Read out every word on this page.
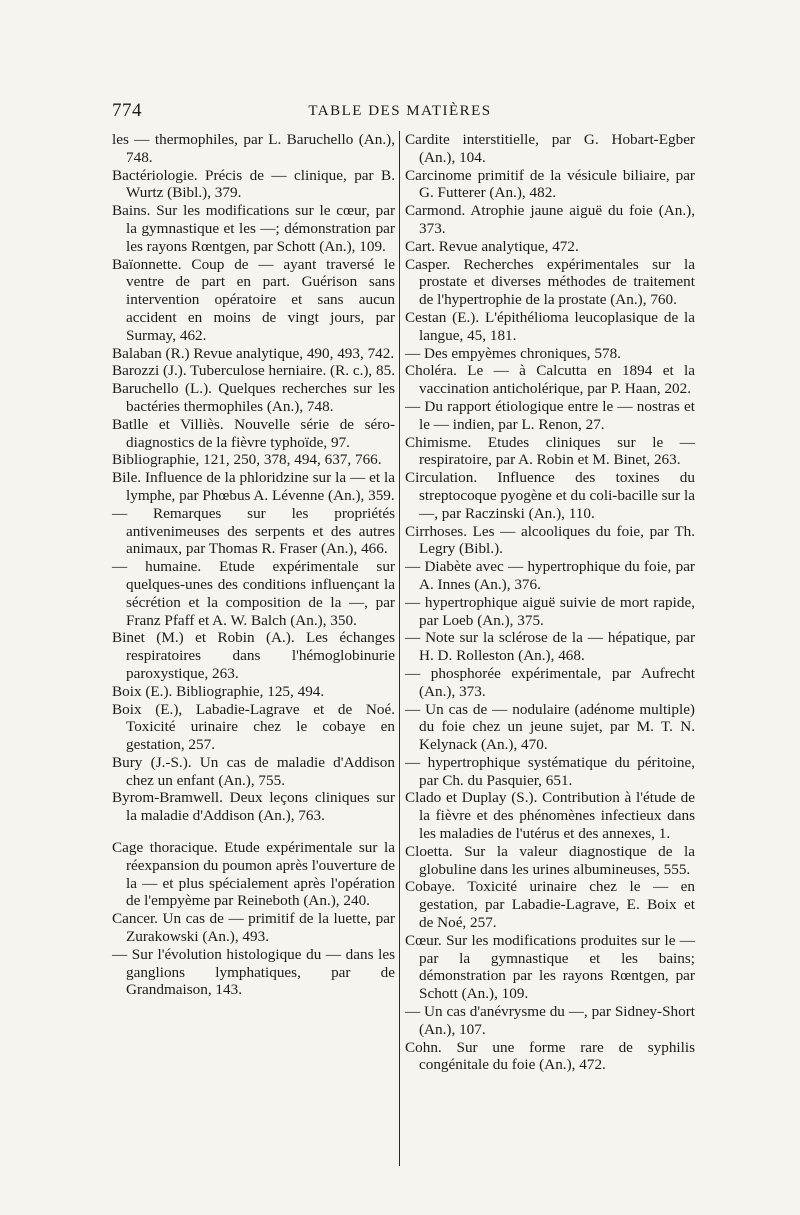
774	TABLE DES MATIÈRES

les — thermophiles, par L. Baruchello (An.), 748.

Bactériologie. Précis de — clinique, par B. Wurtz (Bibl.), 379.

Bains. Sur les modifications sur le cœur, par la gymnastique et les —; démonstration par les rayons Rœntgen, par Schott (An.), 109.

Baïonnette. Coup de — ayant traversé le ventre de part en part. Guérison sans intervention opératoire et sans aucun accident en moins de vingt jours, par Surmay, 462.

Balaban (R.) Revue analytique, 490, 493, 742.

Barozzi (J.). Tuberculose herniaire. (R. c.), 85.

Baruchello (L.). Quelques recherches sur les bactéries thermophiles (An.), 748.

Batlle et Villiès. Nouvelle série de séro-diagnostics de la fièvre typhoïde, 97.

Bibliographie, 121, 250, 378, 494, 637, 766.

Bile. Influence de la phloridzine sur la — et la lymphe, par Phœbus A. Lévenne (An.), 359.

— Remarques sur les propriétés antivenimeuses des serpents et des autres animaux, par Thomas R. Fraser (An.), 466.

— humaine. Etude expérimentale sur quelques-unes des conditions influençant la sécrétion et la composition de la —, par Franz Pfaff et A. W. Balch (An.), 350.

Binet (M.) et Robin (A.). Les échanges respiratoires dans l'hémoglobinurie paroxystique, 263.

Boix (E.). Bibliographie, 125, 494.

Boix (E.), Labadie-Lagrave et de Noé. Toxicité urinaire chez le cobaye en gestation, 257.

Bury (J.-S.). Un cas de maladie d'Addison chez un enfant (An.), 755.

Byrom-Bramwell. Deux leçons cliniques sur la maladie d'Addison (An.), 763.

Cage thoracique. Etude expérimentale sur la réexpansion du poumon après l'ouverture de la — et plus spécialement après l'opération de l'empyème par Reineboth (An.), 240.

Cancer. Un cas de — primitif de la luette, par Zurakowski (An.), 493.

— Sur l'évolution histologique du — dans les ganglions lymphatiques, par de Grandmaison, 143.

Cardite interstitielle, par G. Hobart-Egber (An.), 104.

Carcinome primitif de la vésicule biliaire, par G. Futterer (An.), 482.

Carmond. Atrophie jaune aiguë du foie (An.), 373.

Cart. Revue analytique, 472.

Casper. Recherches expérimentales sur la prostate et diverses méthodes de traitement de l'hypertrophie de la prostate (An.), 760.

Cestan (E.). L'épithélioma leucoplasique de la langue, 45, 181.

— Des empyèmes chroniques, 578.

Choléra. Le — à Calcutta en 1894 et la vaccination anticholérique, par P. Haan, 202.

— Du rapport étiologique entre le — nostras et le — indien, par L. Renon, 27.

Chimisme. Etudes cliniques sur le — respiratoire, par A. Robin et M. Binet, 263.

Circulation. Influence des toxines du streptocoque pyogène et du coli-bacille sur la —, par Raczinski (An.), 110.

Cirrhoses. Les — alcooliques du foie, par Th. Legry (Bibl.).

— Diabète avec — hypertrophique du foie, par A. Innes (An.), 376.

— hypertrophique aiguë suivie de mort rapide, par Loeb (An.), 375.

— Note sur la sclérose de la — hépatique, par H. D. Rolleston (An.), 468.

— phosphorée expérimentale, par Aufrecht (An.), 373.

— Un cas de — nodulaire (adénome multiple) du foie chez un jeune sujet, par M. T. N. Kelynack (An.), 470.

— hypertrophique systématique du péritoine, par Ch. du Pasquier, 651.

Clado et Duplay (S.). Contribution à l'étude de la fièvre et des phénomènes infectieux dans les maladies de l'utérus et des annexes, 1.

Cloetta. Sur la valeur diagnostique de la globuline dans les urines albumineuses, 555.

Cobaye. Toxicité urinaire chez le — en gestation, par Labadie-Lagrave, E. Boix et de Noé, 257.

Cœur. Sur les modifications produites sur le — par la gymnastique et les bains; démonstration par les rayons Rœntgen, par Schott (An.), 109.

— Un cas d'anévrysme du —, par Sidney-Short (An.), 107.

Cohn. Sur une forme rare de syphilis congénitale du foie (An.), 472.
